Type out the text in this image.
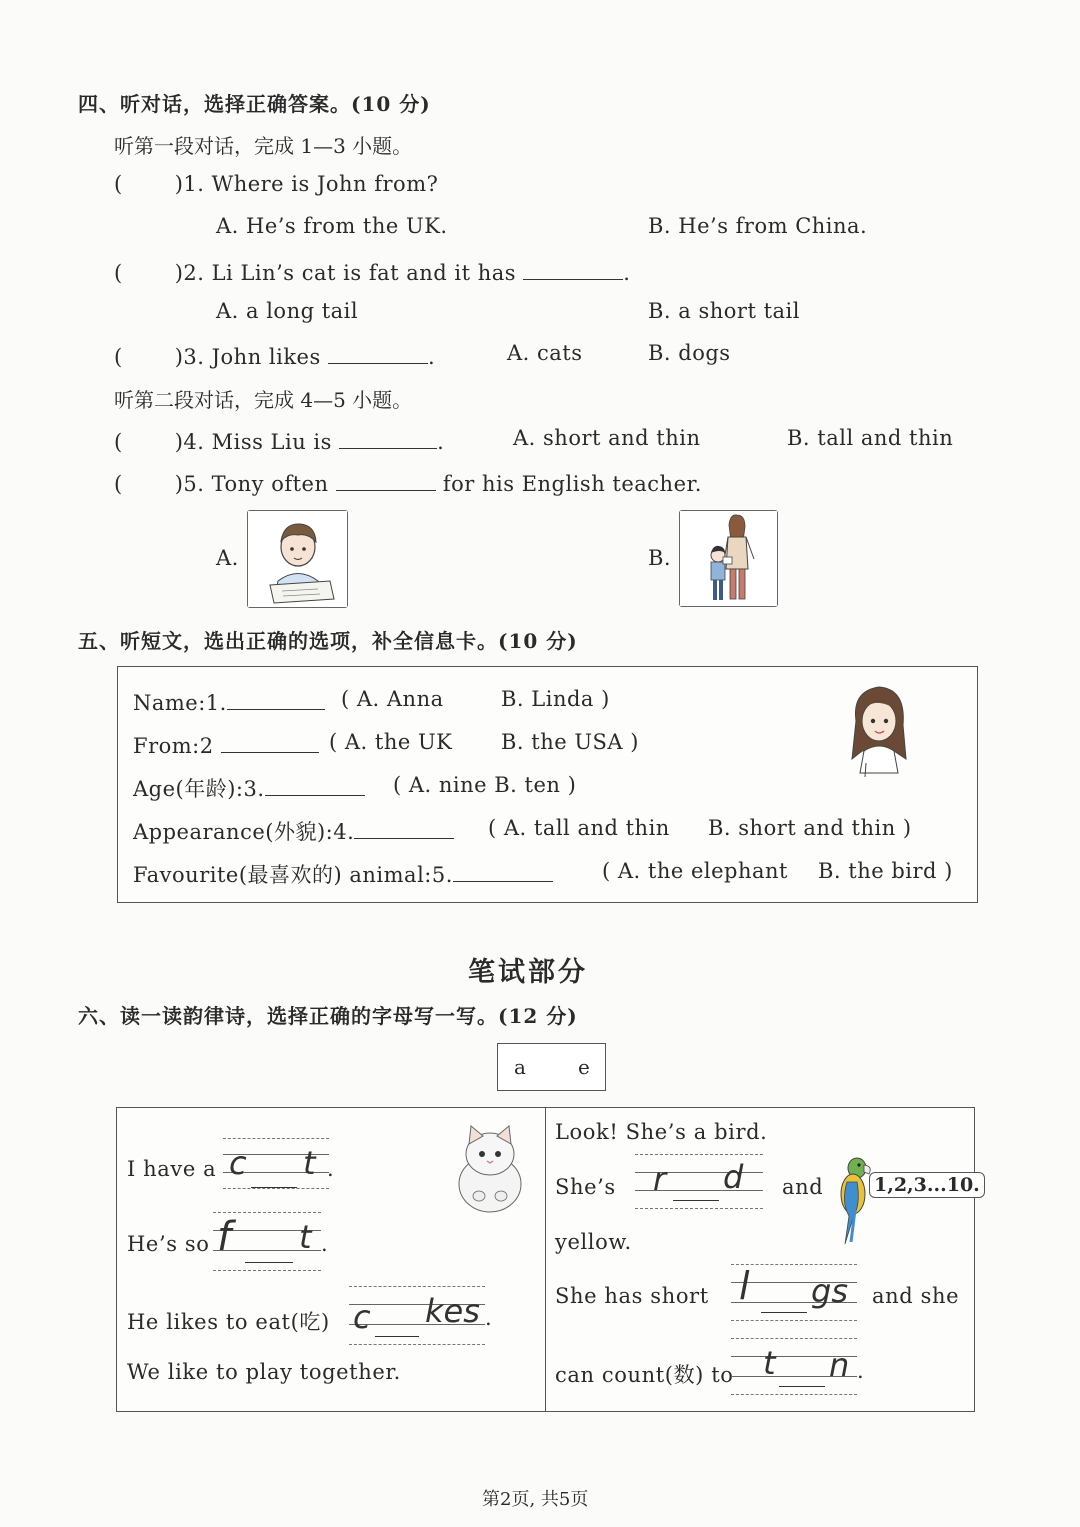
四、听对话，选择正确答案。(10 分)
听第一段对话，完成 1—3 小题。
( )1. Where is John from?
A. He’s from the UK.	B. He’s from China.
( )2. Li Lin’s cat is fat and it has	.
A. a long tail	B. a short tail
( )3. John likes	.	A. cats	B. dogs
听第二段对话，完成 4—5 小题。
( )4. Miss Liu is	.	A. short and thin	B. tall and thin
( )5. Tony often	for his English teacher.
A.	B.
五、听短文，选出正确的选项，补全信息卡。(10 分)
Name:1.	( A. Anna	B. Linda )
From:2	( A. the UK B. the USA )
Age(年龄):3.	( A. nine B. ten )
Appearance(外貌):4.	( A. tall and thin B. short and thin )
Favourite(最喜欢的) animal:5.	( A. the elephant B. the bird )
笔试部分
六、读一读韵律诗，选择正确的字母写一写。(12 分)
a	e
I have a c t .
He’s so f t .
He likes to eat(吃) c kes .
We like to play together.
Look! She’s a bird.
She’s r d and	1,2,3...10.
yellow.
She has short l gs and she
can count(数) to t n .
第2页, 共5页
